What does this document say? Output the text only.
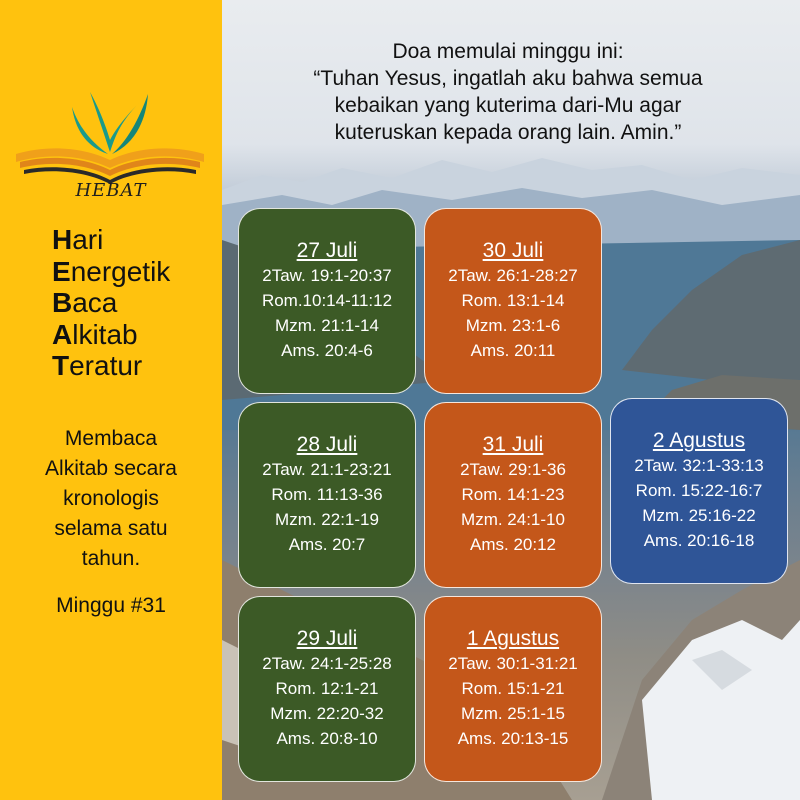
HEBAT
Hari
Energetik
Baca
Alkitab
Teratur
Membaca
Alkitab secara
kronologis
selama satu
tahun.
Minggu #31
Doa memulai minggu ini:
“Tuhan Yesus, ingatlah aku bahwa semua
kebaikan yang kuterima dari-Mu agar
kuteruskan kepada orang lain. Amin.”
27 Juli
2Taw. 19:1-20:37
Rom.10:14-11:12
Mzm. 21:1-14
Ams. 20:4-6
28 Juli
2Taw. 21:1-23:21
Rom. 11:13-36
Mzm. 22:1-19
Ams. 20:7
29 Juli
2Taw. 24:1-25:28
Rom. 12:1-21
Mzm. 22:20-32
Ams. 20:8-10
30 Juli
2Taw. 26:1-28:27
Rom. 13:1-14
Mzm. 23:1-6
Ams. 20:11
31 Juli
2Taw. 29:1-36
Rom. 14:1-23
Mzm. 24:1-10
Ams. 20:12
1 Agustus
2Taw. 30:1-31:21
Rom. 15:1-21
Mzm. 25:1-15
Ams. 20:13-15
2 Agustus
2Taw. 32:1-33:13
Rom. 15:22-16:7
Mzm. 25:16-22
Ams. 20:16-18
